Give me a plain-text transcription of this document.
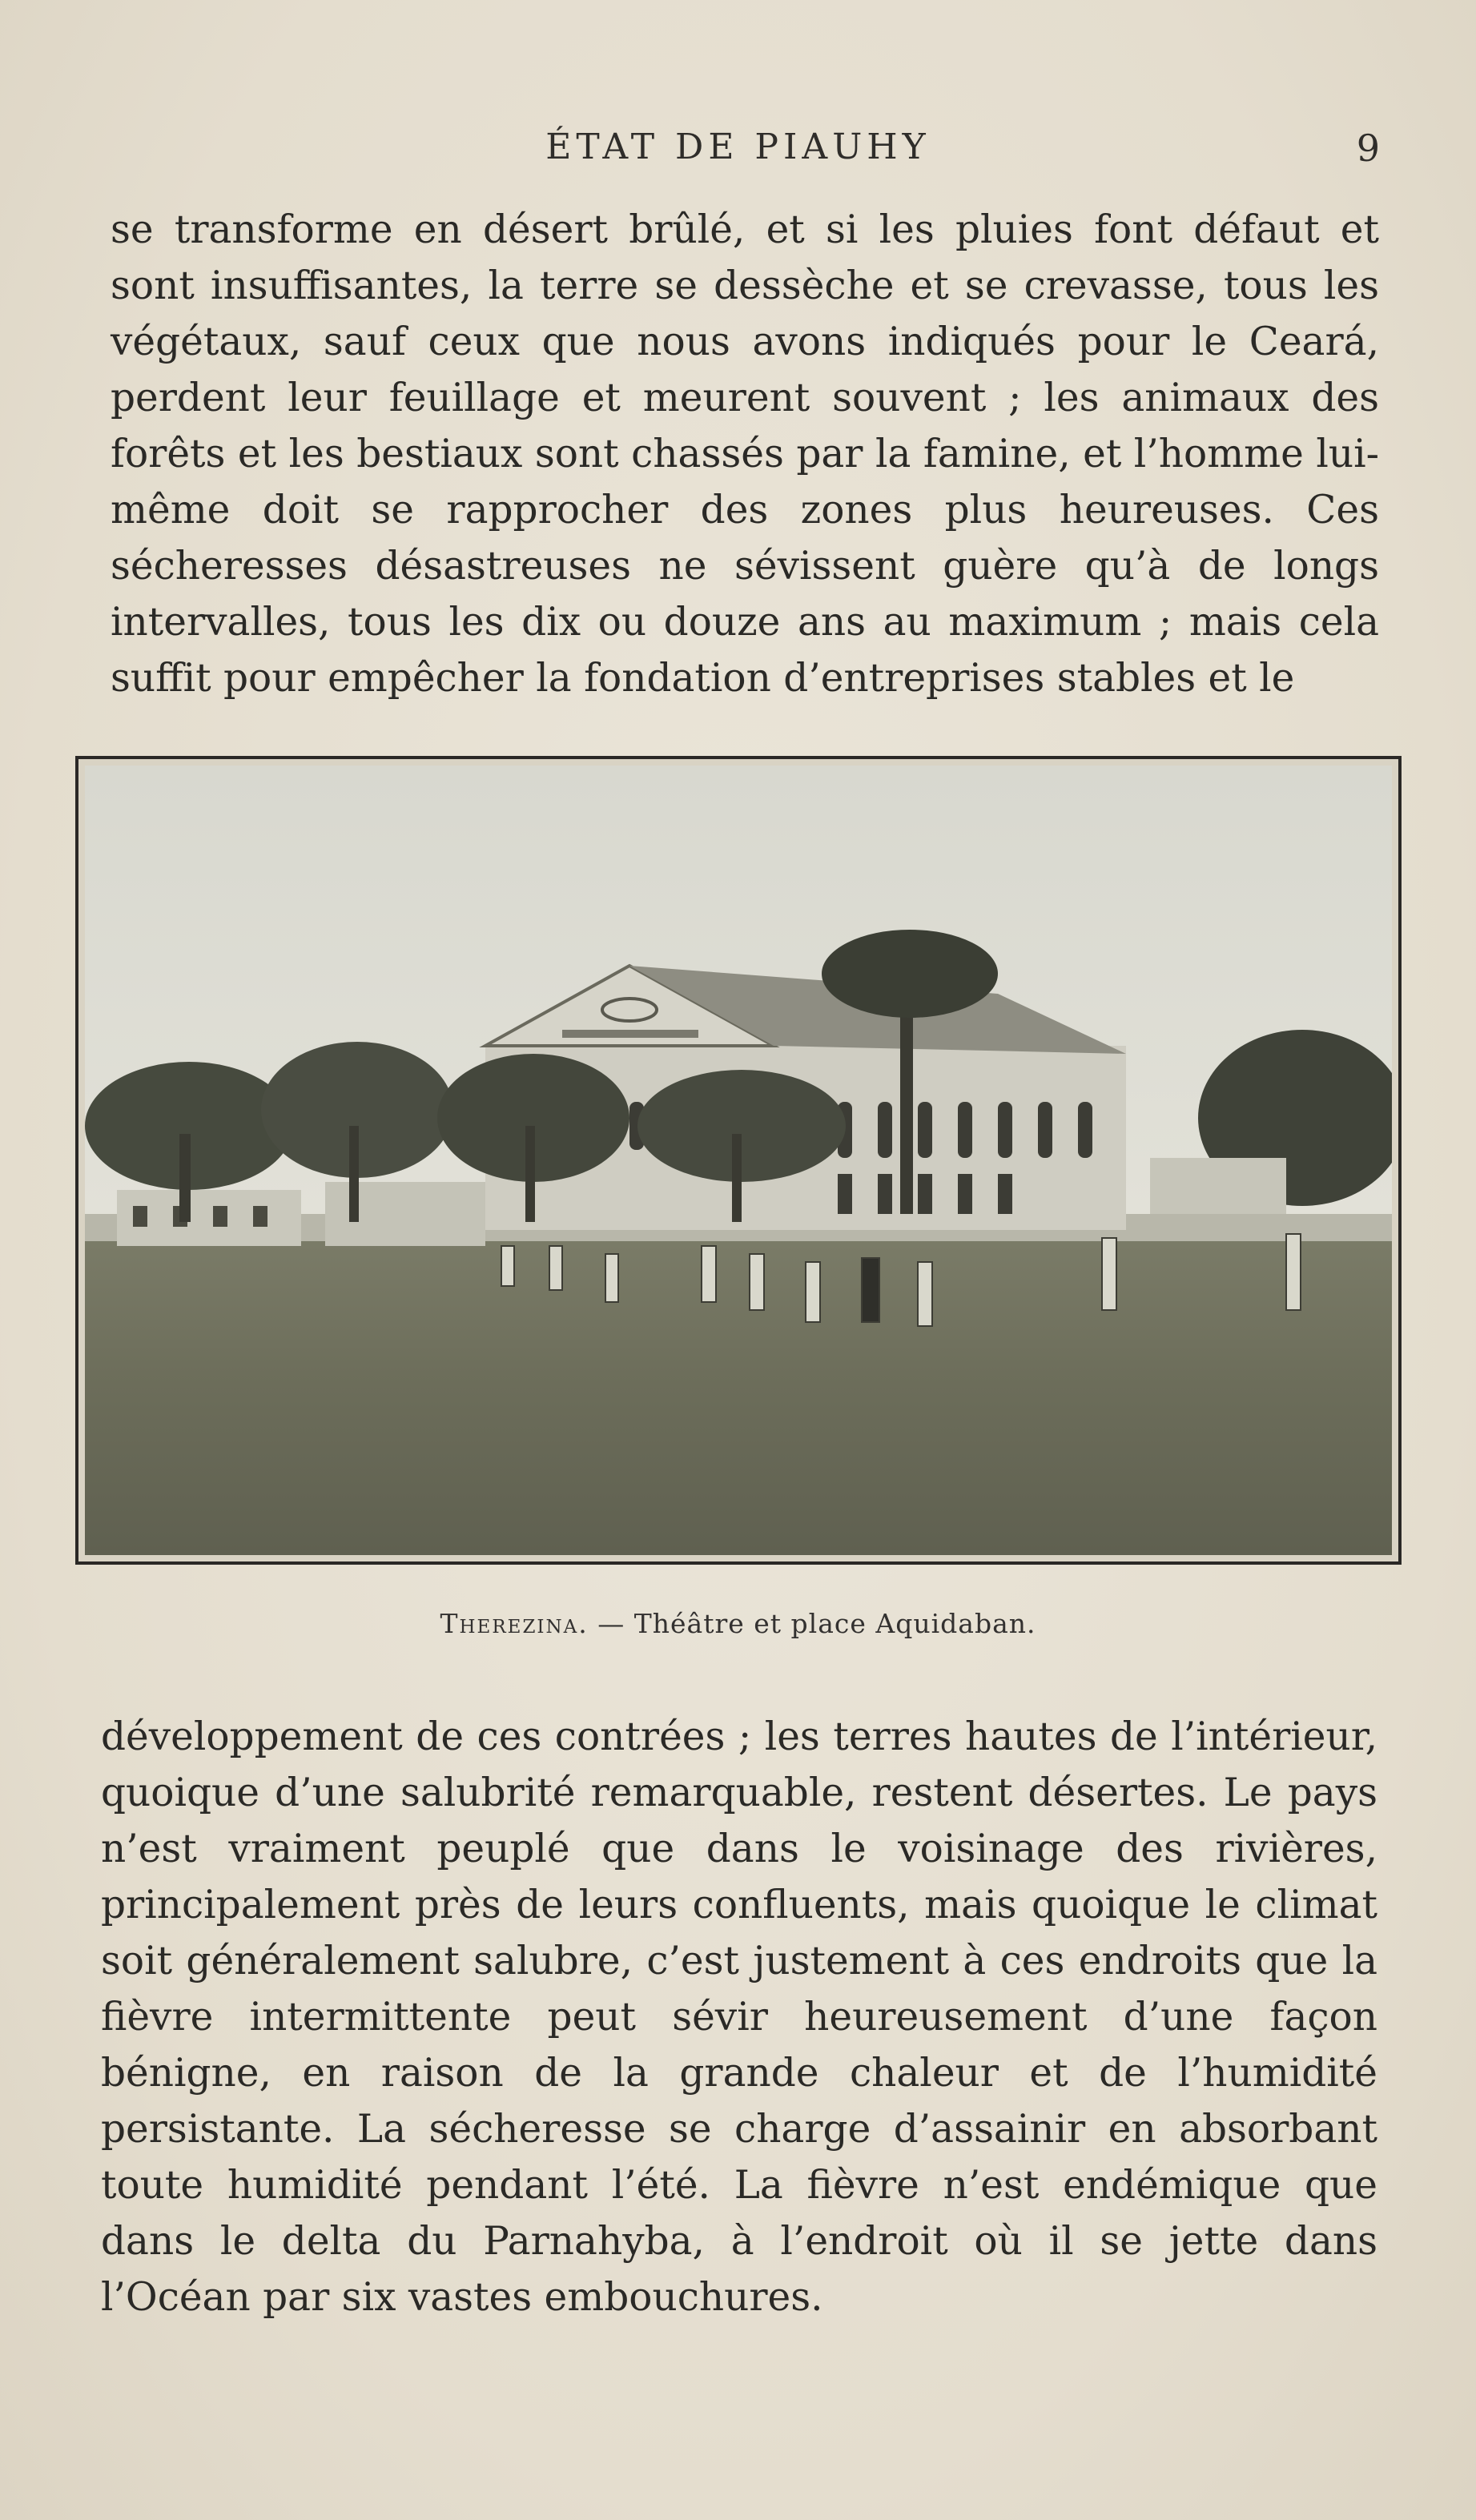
ÉTAT DE PIAUHY	9

se transforme en désert brûlé, et si les pluies font défaut et sont insuffisantes, la terre se dessèche et se crevasse, tous les végétaux, sauf ceux que nous avons indiqués pour le Ceará, perdent leur feuillage et meurent souvent ; les animaux des forêts et les bestiaux sont chassés par la famine, et l’homme lui-même doit se rapprocher des zones plus heureuses. Ces sécheresses désastreuses ne sévissent guère qu’à de longs intervalles, tous les dix ou douze ans au maximum ; mais cela suffit pour empêcher la fondation d’entreprises stables et le

Therezina. — Théâtre et place Aquidaban.

développement de ces contrées ; les terres hautes de l’intérieur, quoique d’une salubrité remarquable, restent désertes. Le pays n’est vraiment peuplé que dans le voisinage des rivières, principalement près de leurs confluents, mais quoique le climat soit généralement salubre, c’est justement à ces endroits que la fièvre intermittente peut sévir heureusement d’une façon bénigne, en raison de la grande chaleur et de l’humidité persistante. La sécheresse se charge d’assainir en absorbant toute humidité pendant l’été. La fièvre n’est endémique que dans le delta du Parnahyba, à l’endroit où il se jette dans l’Océan par six vastes embouchures.
